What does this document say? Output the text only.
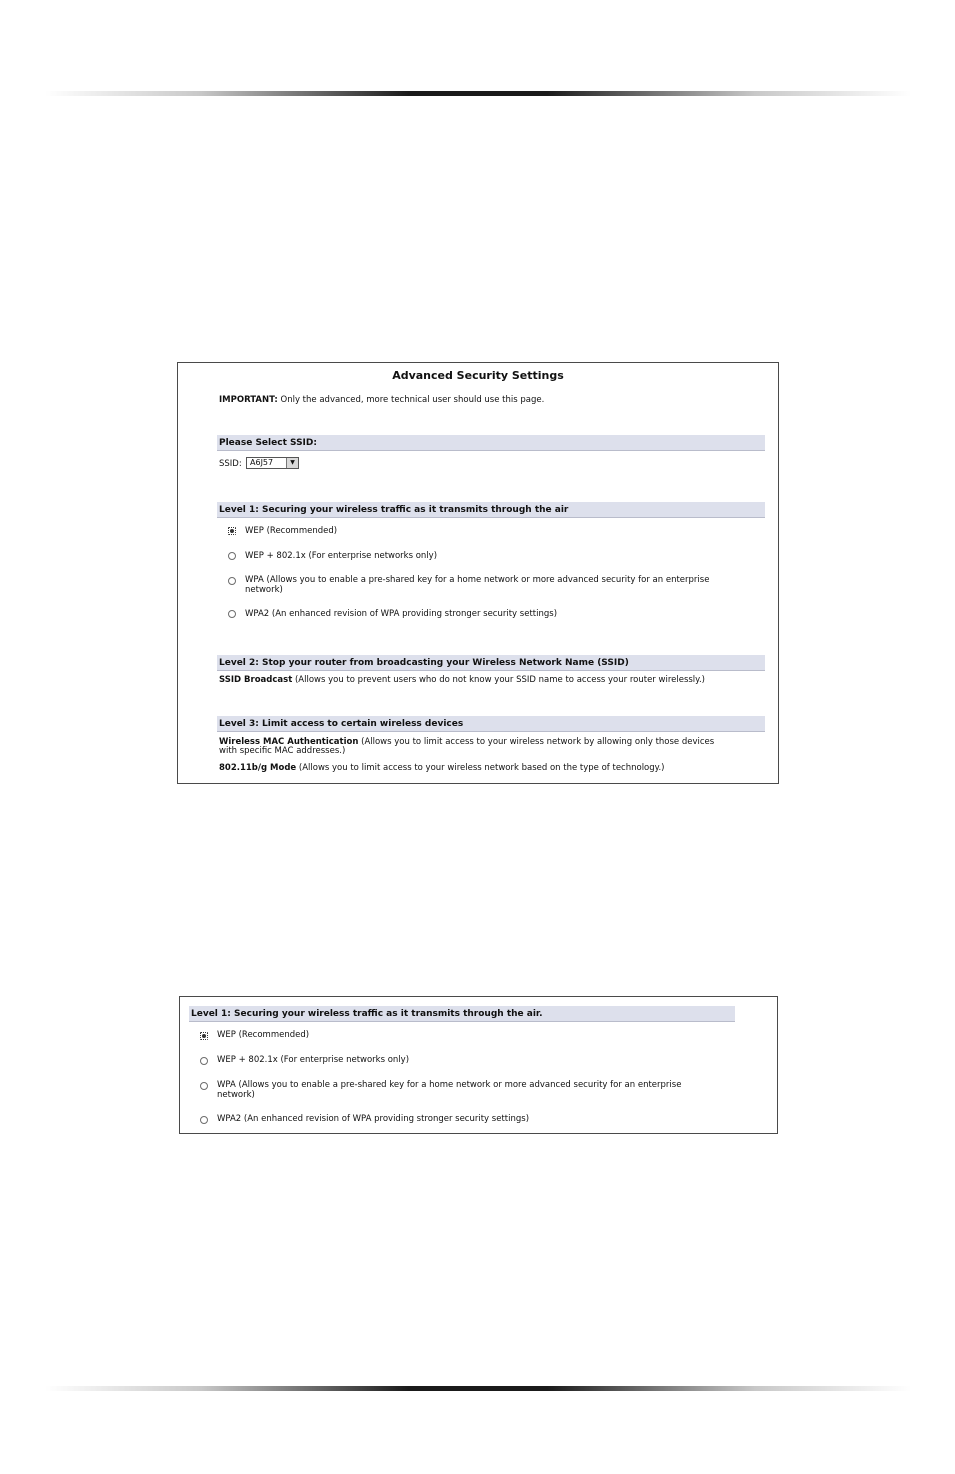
Advanced Security Settings
IMPORTANT: Only the advanced, more technical user should use this page.
Please Select SSID:
SSID: A6J57	▼
Level 1: Securing your wireless traffic as it transmits through the air
WEP (Recommended)
WEP + 802.1x (For enterprise networks only)
WPA (Allows you to enable a pre-shared key for a home network or more advanced security for an enterprise
network)
WPA2 (An enhanced revision of WPA providing stronger security settings)
Level 2: Stop your router from broadcasting your Wireless Network Name (SSID)
SSID Broadcast (Allows you to prevent users who do not know your SSID name to access your router wirelessly.)
Level 3: Limit access to certain wireless devices
Wireless MAC Authentication (Allows you to limit access to your wireless network by allowing only those devices
with specific MAC addresses.)
802.11b/g Mode (Allows you to limit access to your wireless network based on the type of technology.)
Level 1: Securing your wireless traffic as it transmits through the air.
WEP (Recommended)
WEP + 802.1x (For enterprise networks only)
WPA (Allows you to enable a pre-shared key for a home network or more advanced security for an enterprise
network)
WPA2 (An enhanced revision of WPA providing stronger security settings)
